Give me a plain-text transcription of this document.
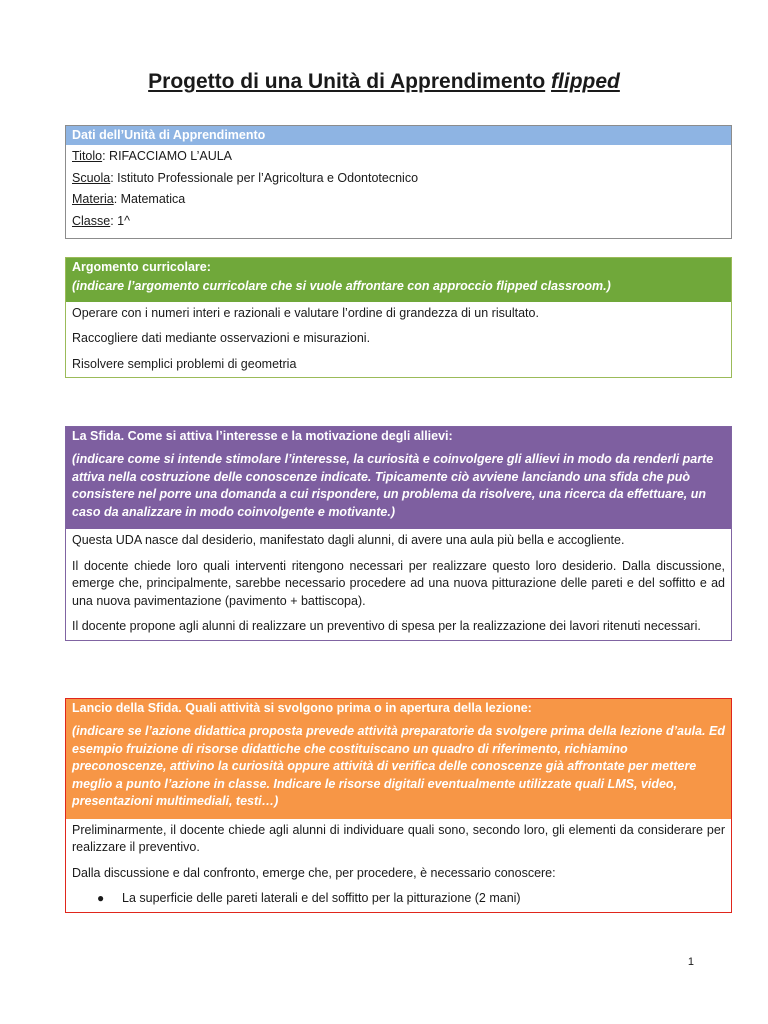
Progetto di una Unità di Apprendimento flipped
Dati dell’Unità di Apprendimento
Titolo: RIFACCIAMO L’AULA
Scuola: Istituto Professionale per l’Agricoltura e Odontotecnico
Materia: Matematica
Classe: 1^
Argomento curricolare:
(indicare l’argomento curricolare che si vuole affrontare con approccio flipped classroom.)

Operare con i numeri interi e razionali e valutare l’ordine di grandezza di un risultato.

Raccogliere dati mediante osservazioni e misurazioni.

Risolvere semplici problemi di geometria

La Sfida. Come si attiva l’interesse e la motivazione degli allievi:
(indicare come si intende stimolare l’interesse, la curiosità e coinvolgere gli allievi in modo da renderli parte attiva nella costruzione delle conoscenze indicate. Tipicamente ciò avviene lanciando una sfida che può consistere nel porre una domanda a cui rispondere, un problema da risolvere, una ricerca da effettuare, un caso da analizzare in modo coinvolgente e motivante.)

Questa UDA nasce dal desiderio, manifestato dagli alunni, di avere una aula più bella e accogliente.

Il docente chiede loro quali interventi ritengono necessari per realizzare questo loro desiderio. Dalla discussione, emerge che, principalmente, sarebbe necessario procedere ad una nuova pitturazione delle pareti e del soffitto e ad una nuova pavimentazione (pavimento + battiscopa).

Il docente propone agli alunni di realizzare un preventivo di spesa per la realizzazione dei lavori ritenuti necessari.

Lancio della Sfida. Quali attività si svolgono prima o in apertura della lezione:
(indicare se l’azione didattica proposta prevede attività preparatorie da svolgere prima della lezione d’aula. Ed esempio fruizione di risorse didattiche che costituiscano un quadro di riferimento, richiamino preconoscenze, attivino la curiosità oppure attività di verifica delle conoscenze già affrontate per mettere meglio a punto l’azione in classe. Indicare le risorse digitali eventualmente utilizzate quali LMS, video, presentazioni multimediali, testi…)

Preliminarmente, il docente chiede agli alunni di individuare quali sono, secondo loro, gli elementi da considerare per realizzare il preventivo.

Dalla discussione e dal confronto, emerge che, per procedere, è necessario conoscere:

●	La superficie delle pareti laterali e del soffitto per la pitturazione (2 mani)
1
